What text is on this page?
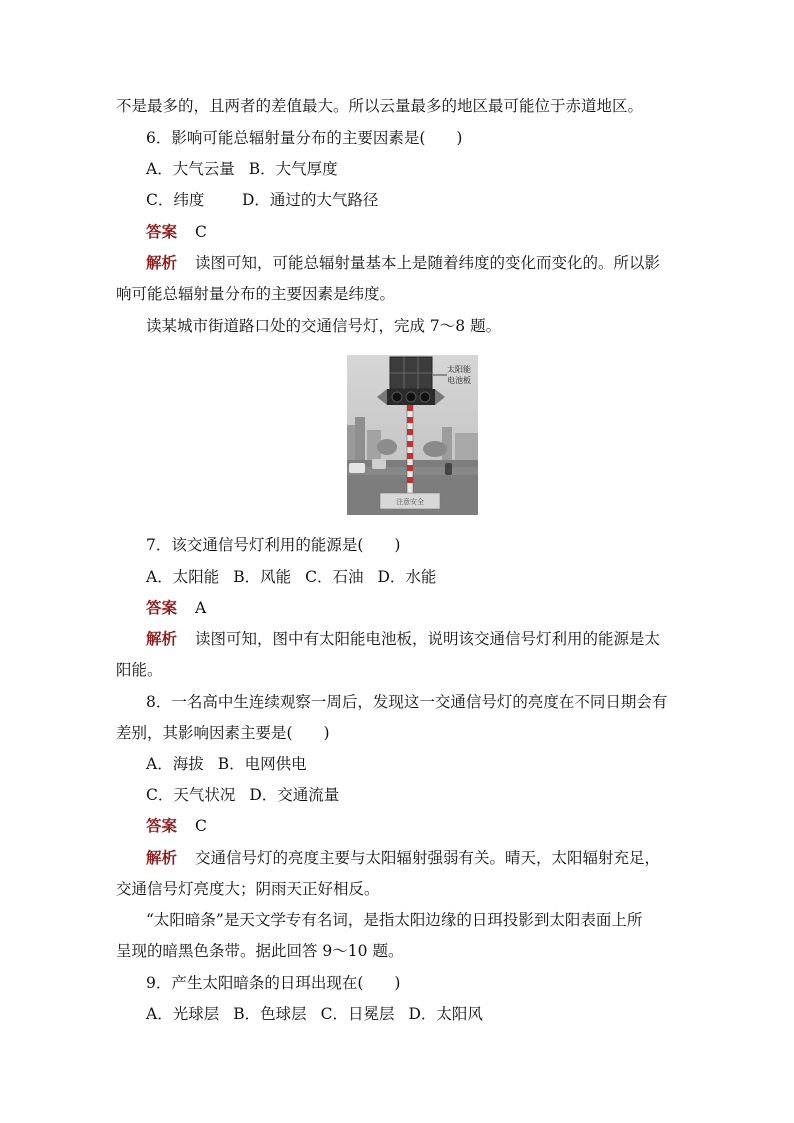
不是最多的，且两者的差值最大。所以云量最多的地区最可能位于赤道地区。
6．影响可能总辐射量分布的主要因素是(　　)
A．大气云量 B．大气厚度
C．纬度 D．通过的大气路径
答案 C
解析 读图可知，可能总辐射量基本上是随着纬度的变化而变化的。所以影
响可能总辐射量分布的主要因素是纬度。
读某城市街道路口处的交通信号灯，完成 7～8 题。
注意安全
太阳能
电池板
7．该交通信号灯利用的能源是(　　)
A．太阳能 B．风能 C．石油 D．水能
答案 A
解析 读图可知，图中有太阳能电池板，说明该交通信号灯利用的能源是太
阳能。
8．一名高中生连续观察一周后，发现这一交通信号灯的亮度在不同日期会有
差别，其影响因素主要是(　　)
A．海拔 B．电网供电
C．天气状况 D．交通流量
答案 C
解析 交通信号灯的亮度主要与太阳辐射强弱有关。晴天，太阳辐射充足，
交通信号灯亮度大；阴雨天正好相反。
“太阳暗条”是天文学专有名词，是指太阳边缘的日珥投影到太阳表面上所
呈现的暗黑色条带。据此回答 9～10 题。
9．产生太阳暗条的日珥出现在(　　)
A．光球层 B．色球层 C．日冕层 D．太阳风
